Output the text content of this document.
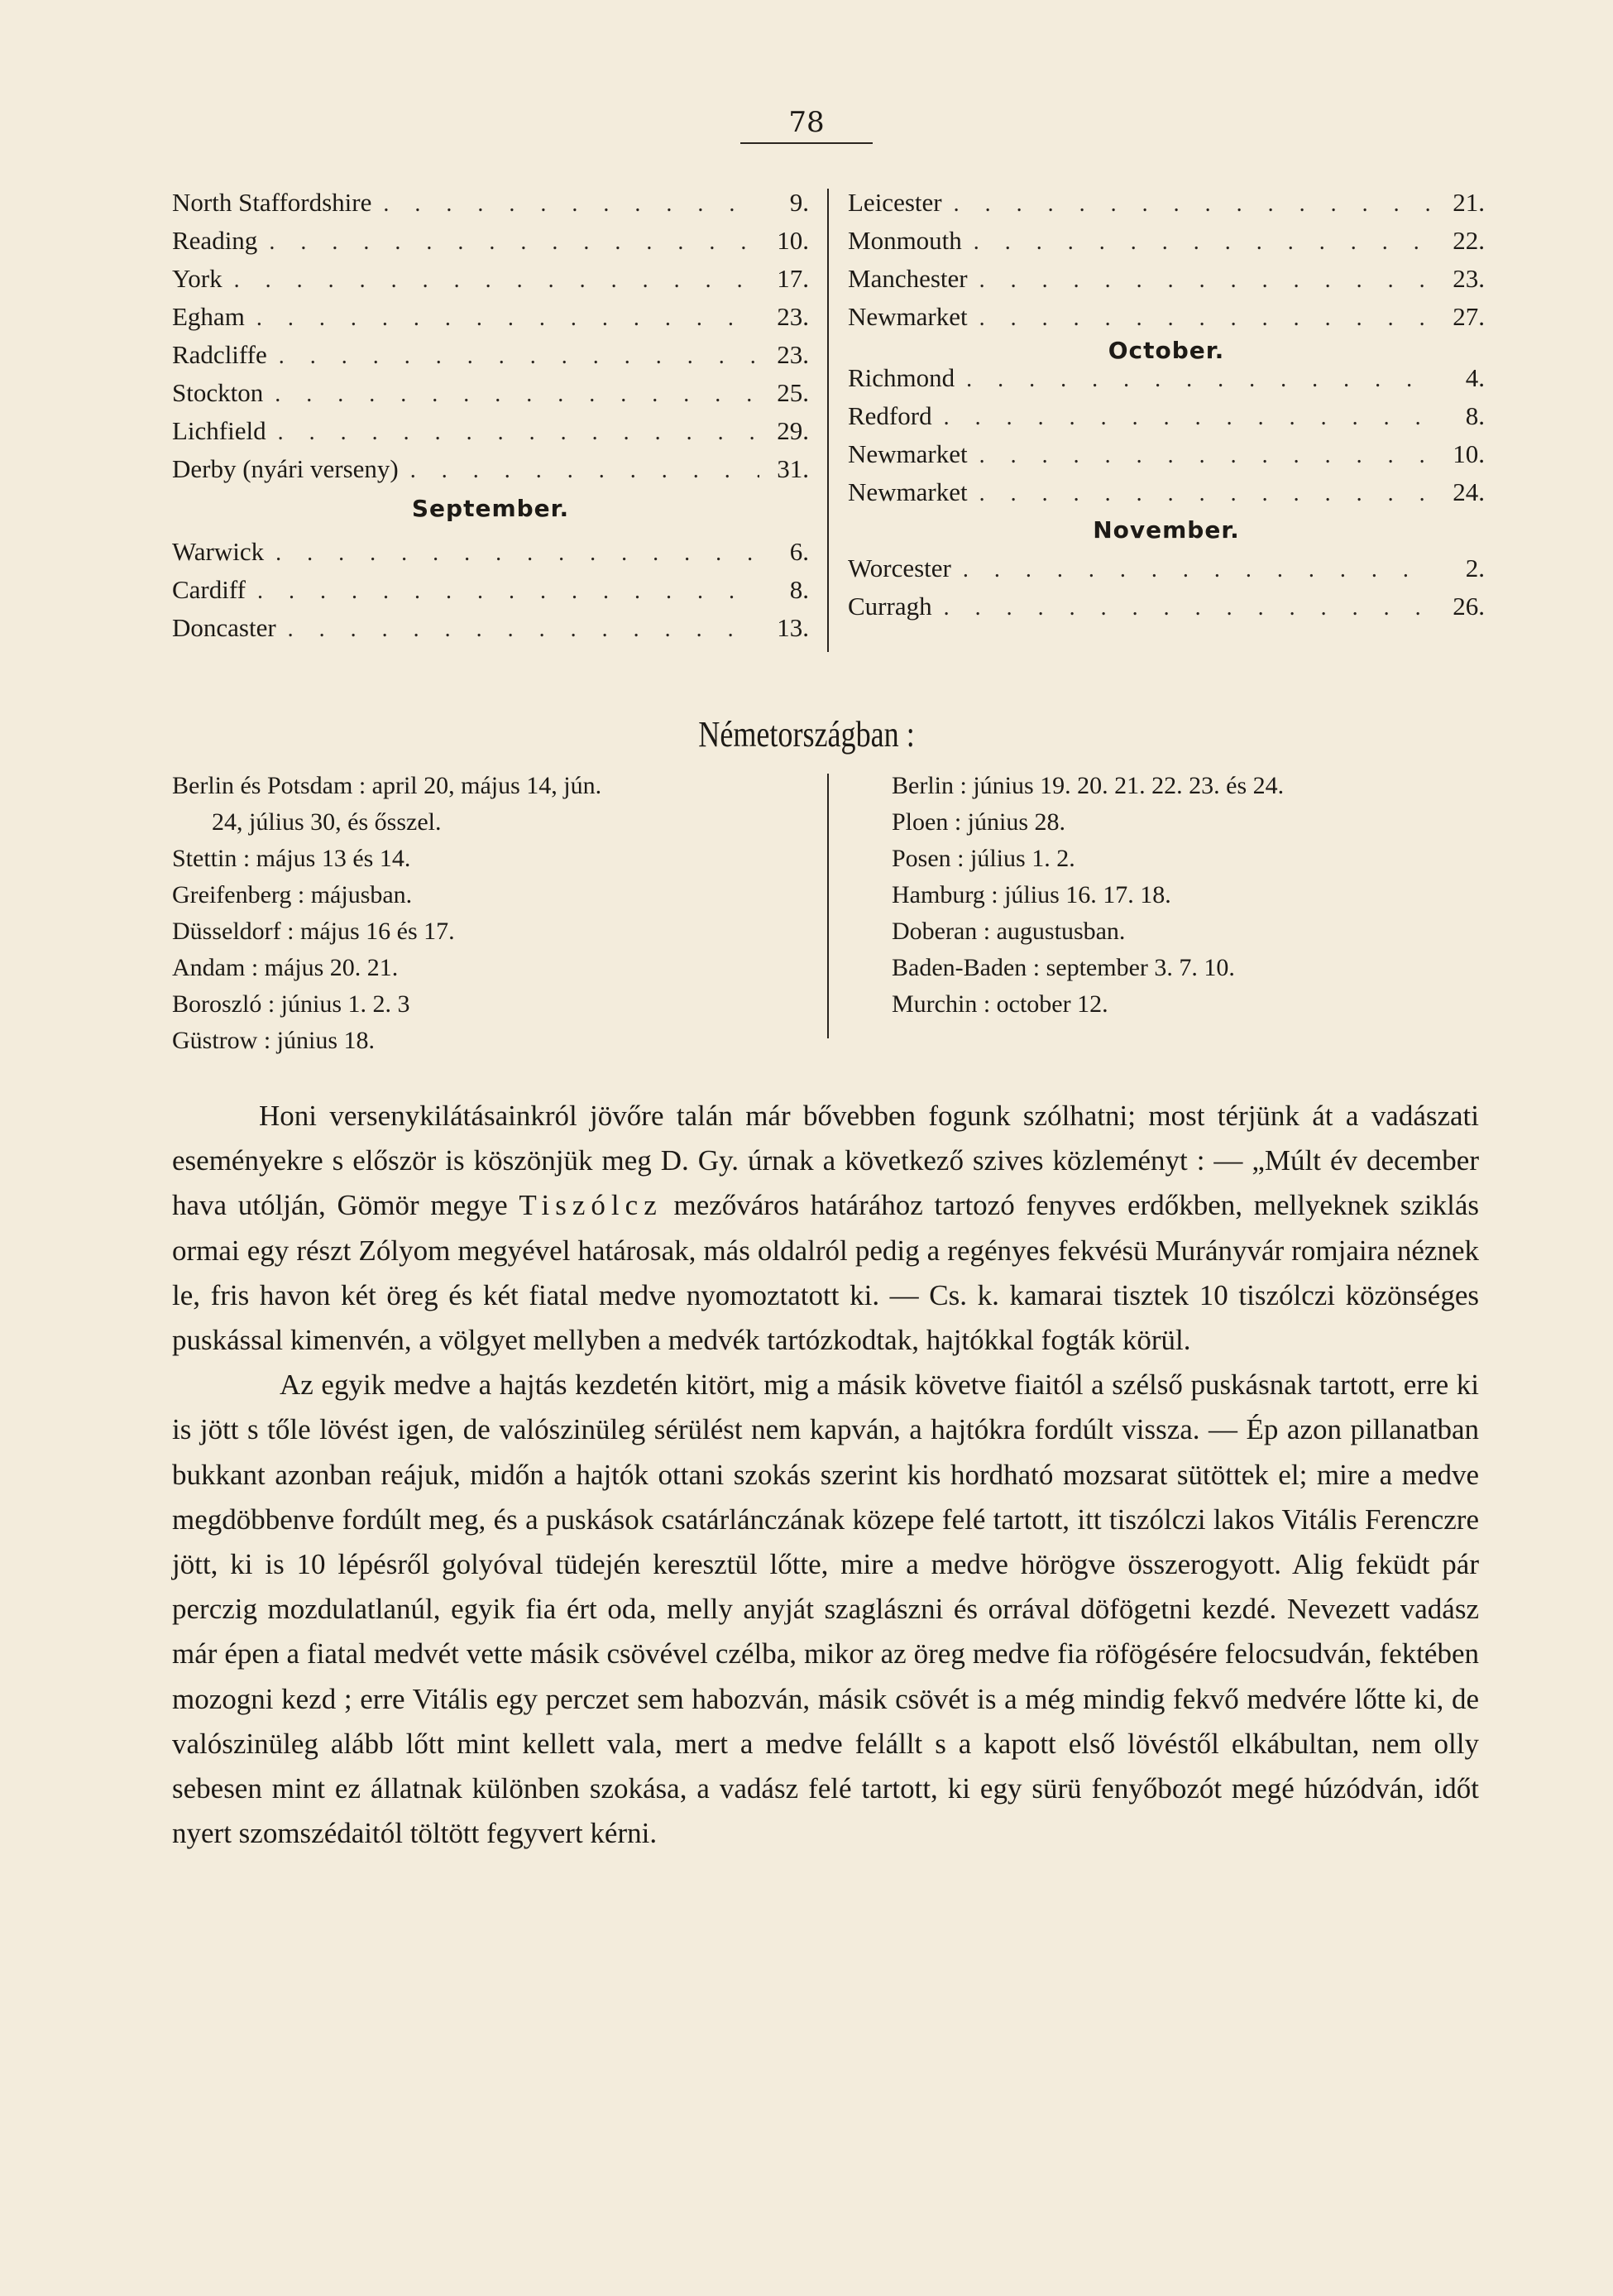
78
North Staffordshire . . .	9.
Reading . . .	10.
York . . .	17.
Egham . . .	23.
Radcliffe . . .	23.
Stockton . . .	25.
Lichfield . . .	29.
Derby (nyári verseny) . . .	31.
September.
Warwick . . .	6.
Cardiff . . .	8.
Doncaster . . .	13.
Leicester . . .	21.
Monmouth . . .	22.
Manchester . . .	23.
Newmarket . . .	27.
October.
Richmond . . .	4.
Redford . . .	8.
Newmarket . . .	10.
Newmarket . . .	24.
November.
Worcester . . .	2.
Curragh . . .	26.
Németországban :
Berlin és Potsdam : april 20, május 14, jún.
24, július 30, és ősszel.
Stettin : május 13 és 14.
Greifenberg : májusban.
Düsseldorf : május 16 és 17.
Andam : május 20. 21.
Boroszló : június 1. 2. 3
Güstrow : június 18.
Berlin : június 19. 20. 21. 22. 23. és 24.
Ploen : június 28.
Posen : július 1. 2.
Hamburg : július 16. 17. 18.
Doberan : augustusban.
Baden-Baden : september 3. 7. 10.
Murchin : october 12.

Honi versenykilátásainkról jövőre talán már bővebben fogunk szólhatni; most térjünk át a vadászati eseményekre s először is köszönjük meg D. Gy. úrnak a következő szives közleményt : — „Múlt év december hava utólján, Gömör megye Tiszólcz mezőváros határához tartozó fenyves erdőkben, mellyeknek sziklás ormai egy részt Zólyom megyével határosak, más oldalról pedig a regényes fekvésü Murányvár romjaira néznek le, fris havon két öreg és két fiatal medve nyomoztatott ki. — Cs. k. kamarai tisztek 10 tiszólczi közönséges puskással kimenvén, a völgyet mellyben a medvék tartózkodtak, hajtókkal fogták körül.

Az egyik medve a hajtás kezdetén kitört, mig a másik követve fiaitól a szélső puskásnak tartott, erre ki is jött s tőle lövést igen, de valószinüleg sérülést nem kapván, a hajtókra fordúlt vissza. — Ép azon pillanatban bukkant azonban reájuk, midőn a hajtók ottani szokás szerint kis hordható mozsarat sütöttek el; mire a medve megdöbbenve fordúlt meg, és a puskások csatárlánczának közepe felé tartott, itt tiszólczi lakos Vitális Ferenczre jött, ki is 10 lépésről golyóval tüdején keresztül lőtte, mire a medve hörögve összerogyott. Alig feküdt pár perczig mozdulatlanúl, egyik fia ért oda, melly anyját szaglászni és orrával döfögetni kezdé. Nevezett vadász már épen a fiatal medvét vette másik csövével czélba, mikor az öreg medve fia röfögésére felocsudván, fektében mozogni kezd ; erre Vitális egy perczet sem habozván, másik csövét is a még mindig fekvő medvére lőtte ki, de valószinüleg alább lőtt mint kellett vala, mert a medve felállt s a kapott első lövéstől elkábultan, nem olly sebesen mint ez állatnak különben szokása, a vadász felé tartott, ki egy sürü fenyőbozót megé húzódván, időt nyert szomszédaitól töltött fegyvert kérni.
